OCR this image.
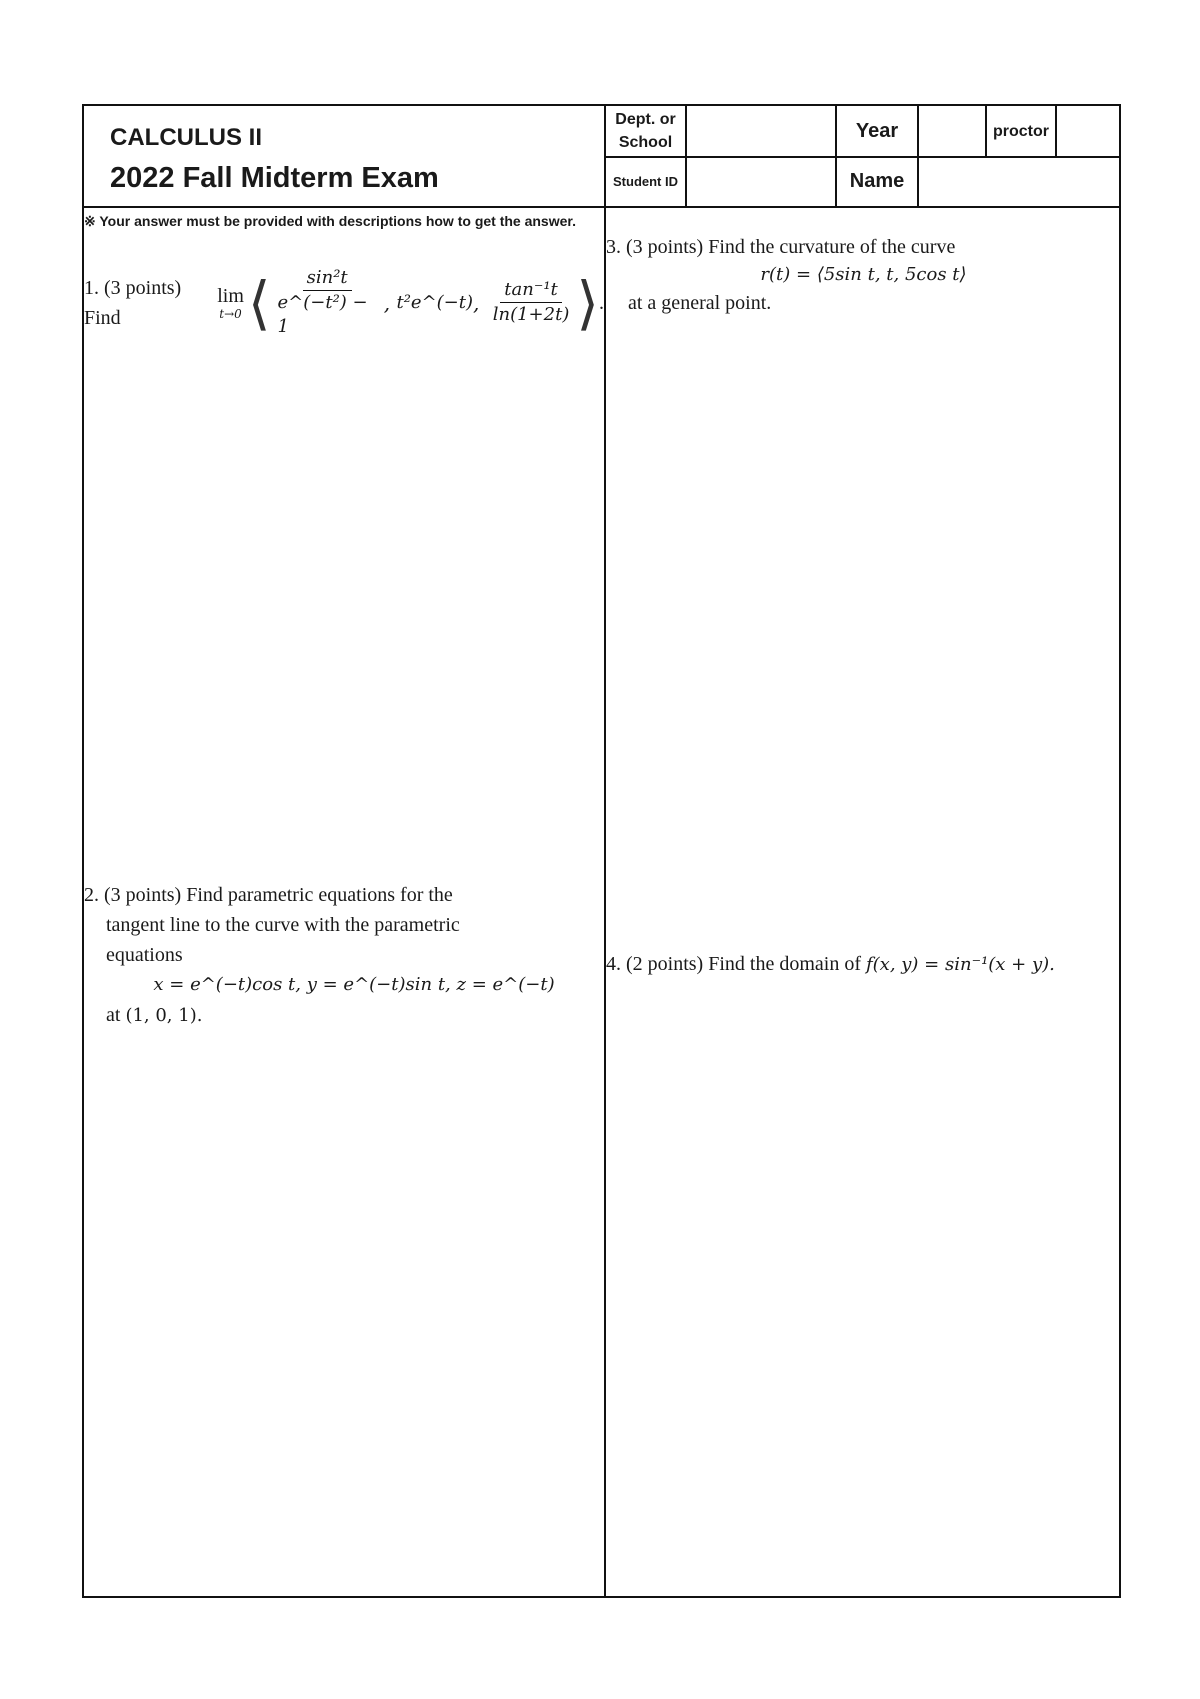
CALCULUS II
2022 Fall Midterm Exam
Dept. or
School
Year	proctor
Student ID	Name
※ Your answer must be provided with descriptions how to get the answer.
1. (3 points) Find
lim
t→0 ⟨ $\frac{\text{sin²t}}{\text{e\textasciicircum{}(−t²) − 1}}$ , t²e^(−t) , $\frac{\text{tan⁻¹t}}{\ln(1+2t)}$ ⟩ .
2. (3 points) Find parametric equations for the
tangent line to the curve with the parametric
equations
x = e^(−t)cos t, y = e^(−t)sin t, z = e^(−t)
at (1, 0, 1).
3. (3 points) Find the curvature of the curve
r(t) = ⟨5sin t, t, 5cos t⟩
at a general point.
4. (2 points) Find the domain of f(x, y) = sin⁻¹(x + y).
